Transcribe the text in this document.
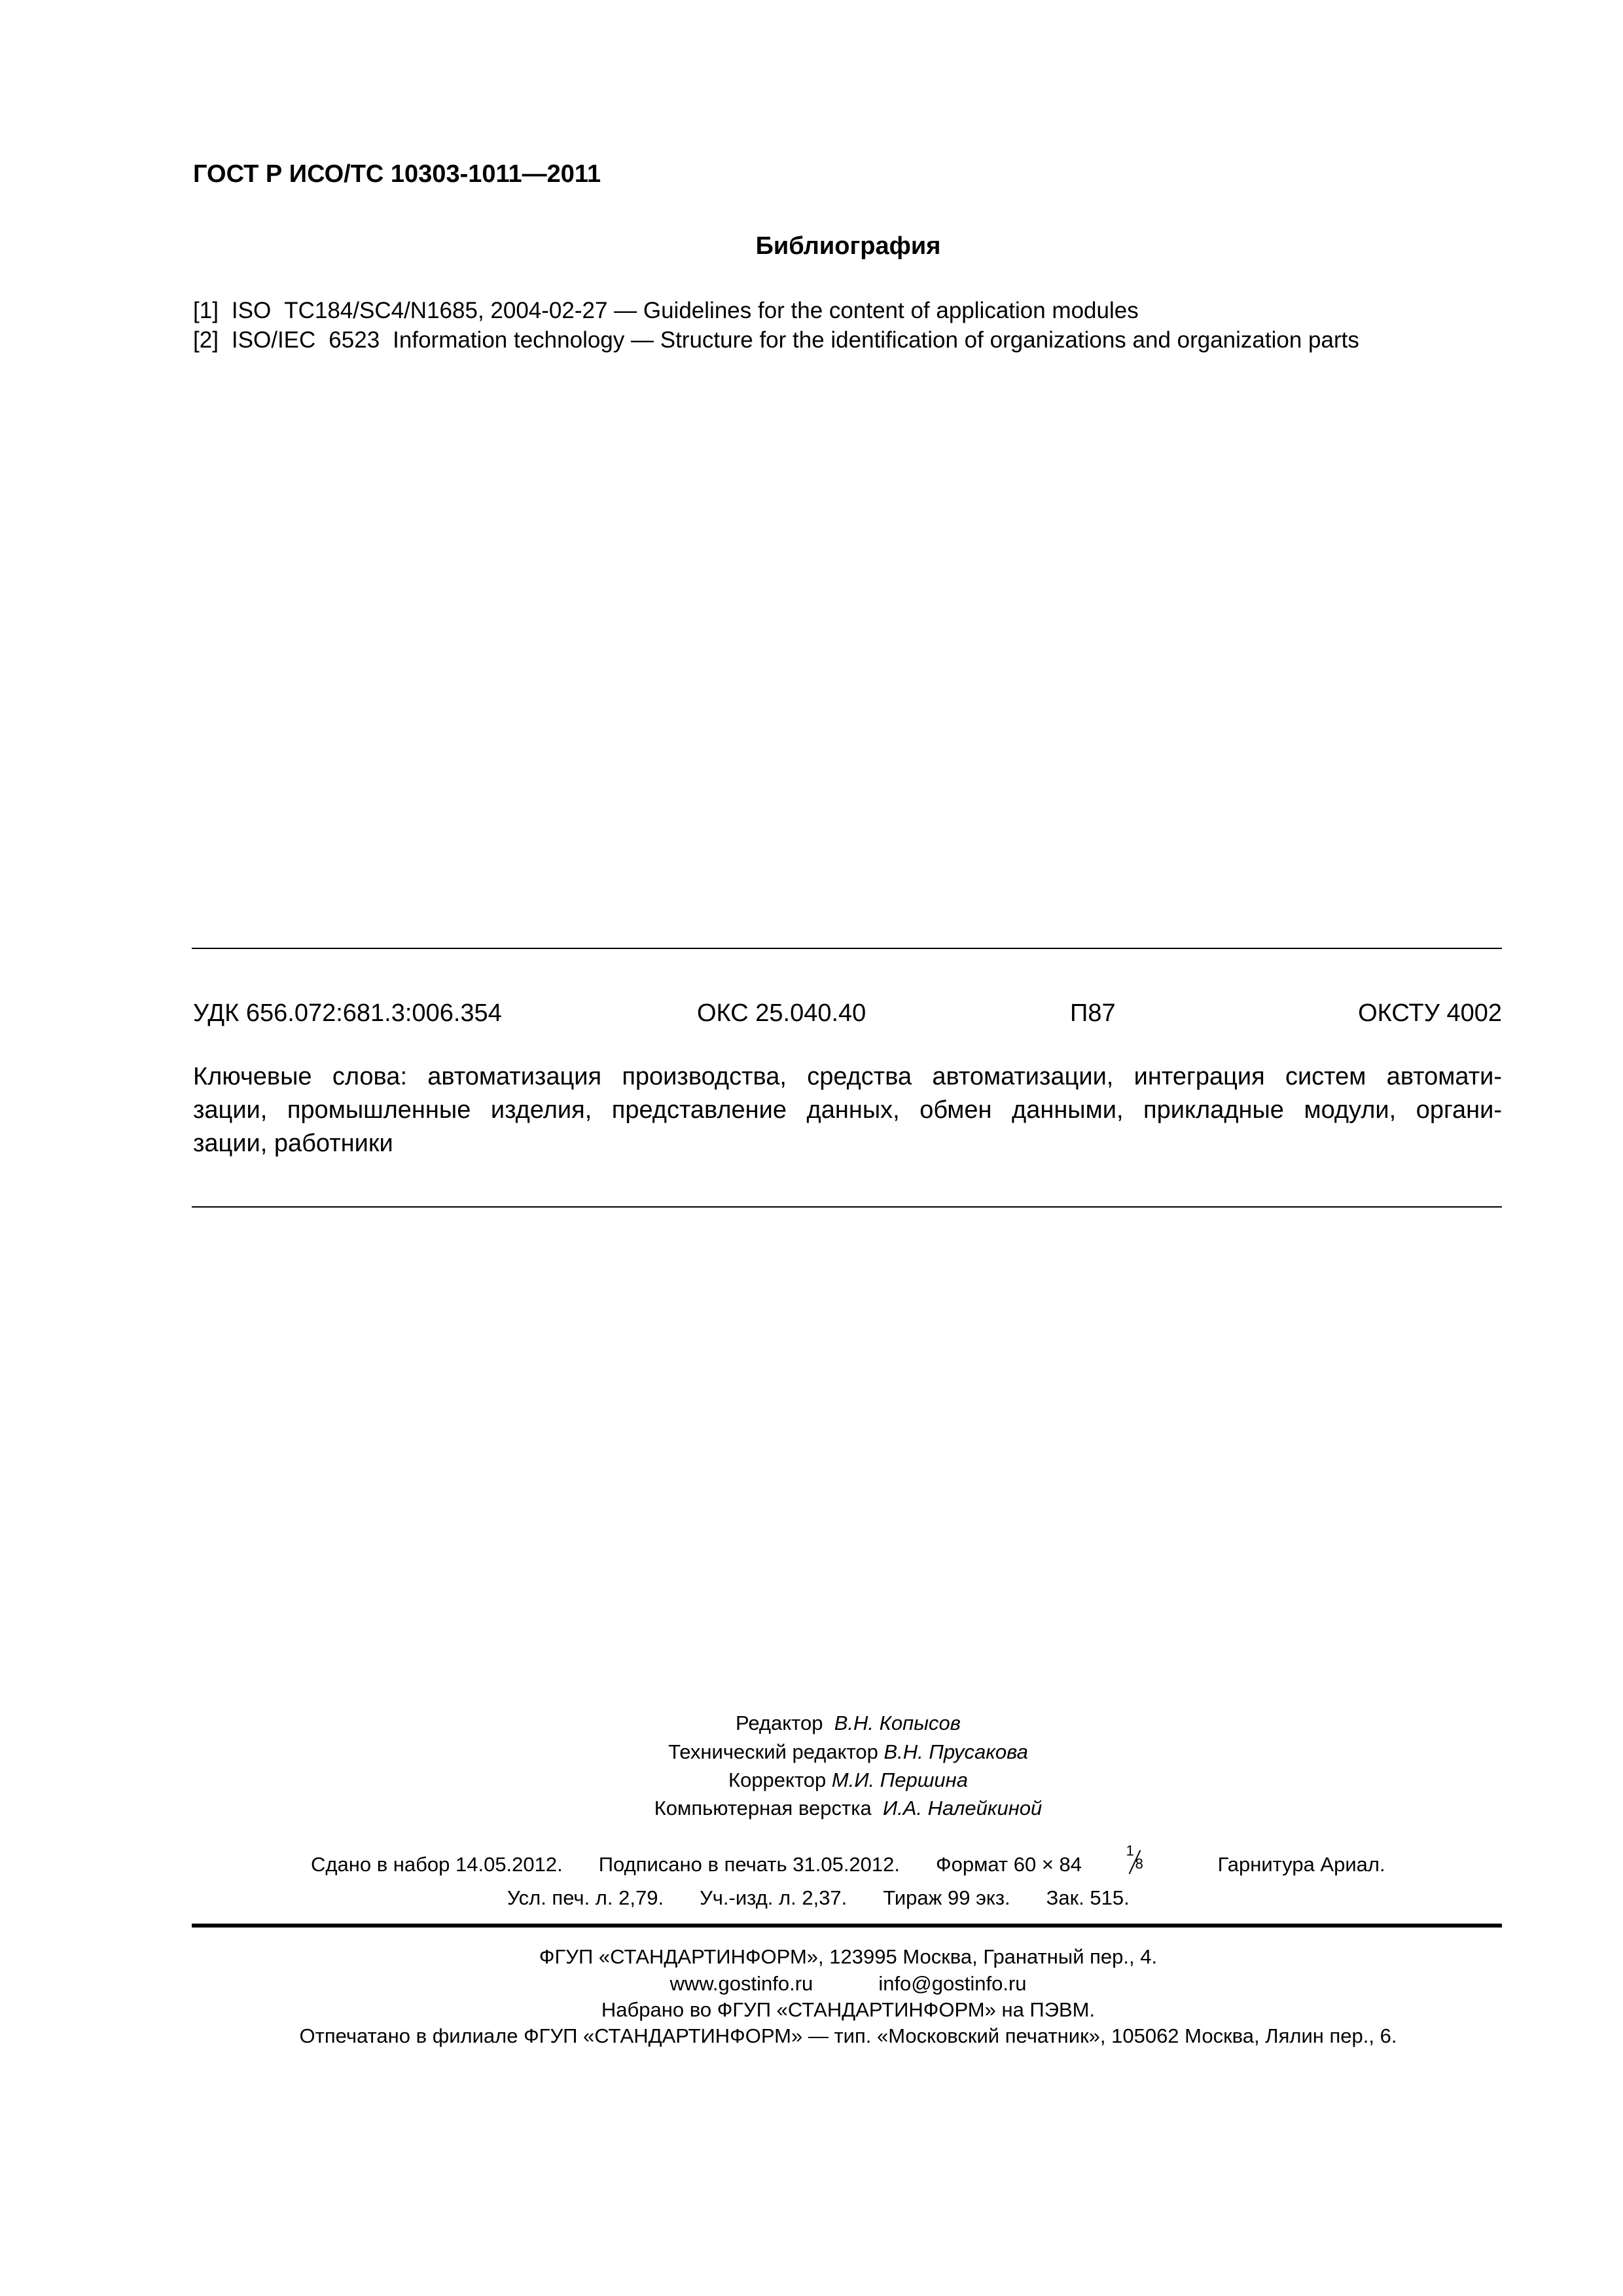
ГОСТ Р ИСО/ТС 10303-1011—2011
Библиография
[1] ISO TC184/SC4/N1685, 2004-02-27 — Guidelines for the content of application modules
[2] ISO/IEC 6523 Information technology — Structure for the identification of organizations and organization parts
УДК 656.072:681.3:006.354	ОКС 25.040.40	П87	ОКСТУ 4002
Ключевые слова: автоматизация производства, средства автоматизации, интеграция систем автомати-
зации, промышленные изделия, представление данных, обмен данными, прикладные модули, органи-
зации, работники
Редактор В.Н. Копысов
Технический редактор В.Н. Прусакова
Корректор М.И. Першина
Компьютерная верстка И.А. Налейкиной
Сдано в набор 14.05.2012. Подписано в печать 31.05.2012. Формат 60 × 84
1
8	Гарнитура Ариал.
Усл. печ. л. 2,79. Уч.-изд. л. 2,37. Тираж 99 экз. Зак. 515.
ФГУП «СТАНДАРТИНФОРМ», 123995 Москва, Гранатный пер., 4.
www.gostinfo.ru	info@gostinfo.ru
Набрано во ФГУП «СТАНДАРТИНФОРМ» на ПЭВМ.
Отпечатано в филиале ФГУП «СТАНДАРТИНФОРМ» — тип. «Московский печатник», 105062 Москва, Лялин пер., 6.
